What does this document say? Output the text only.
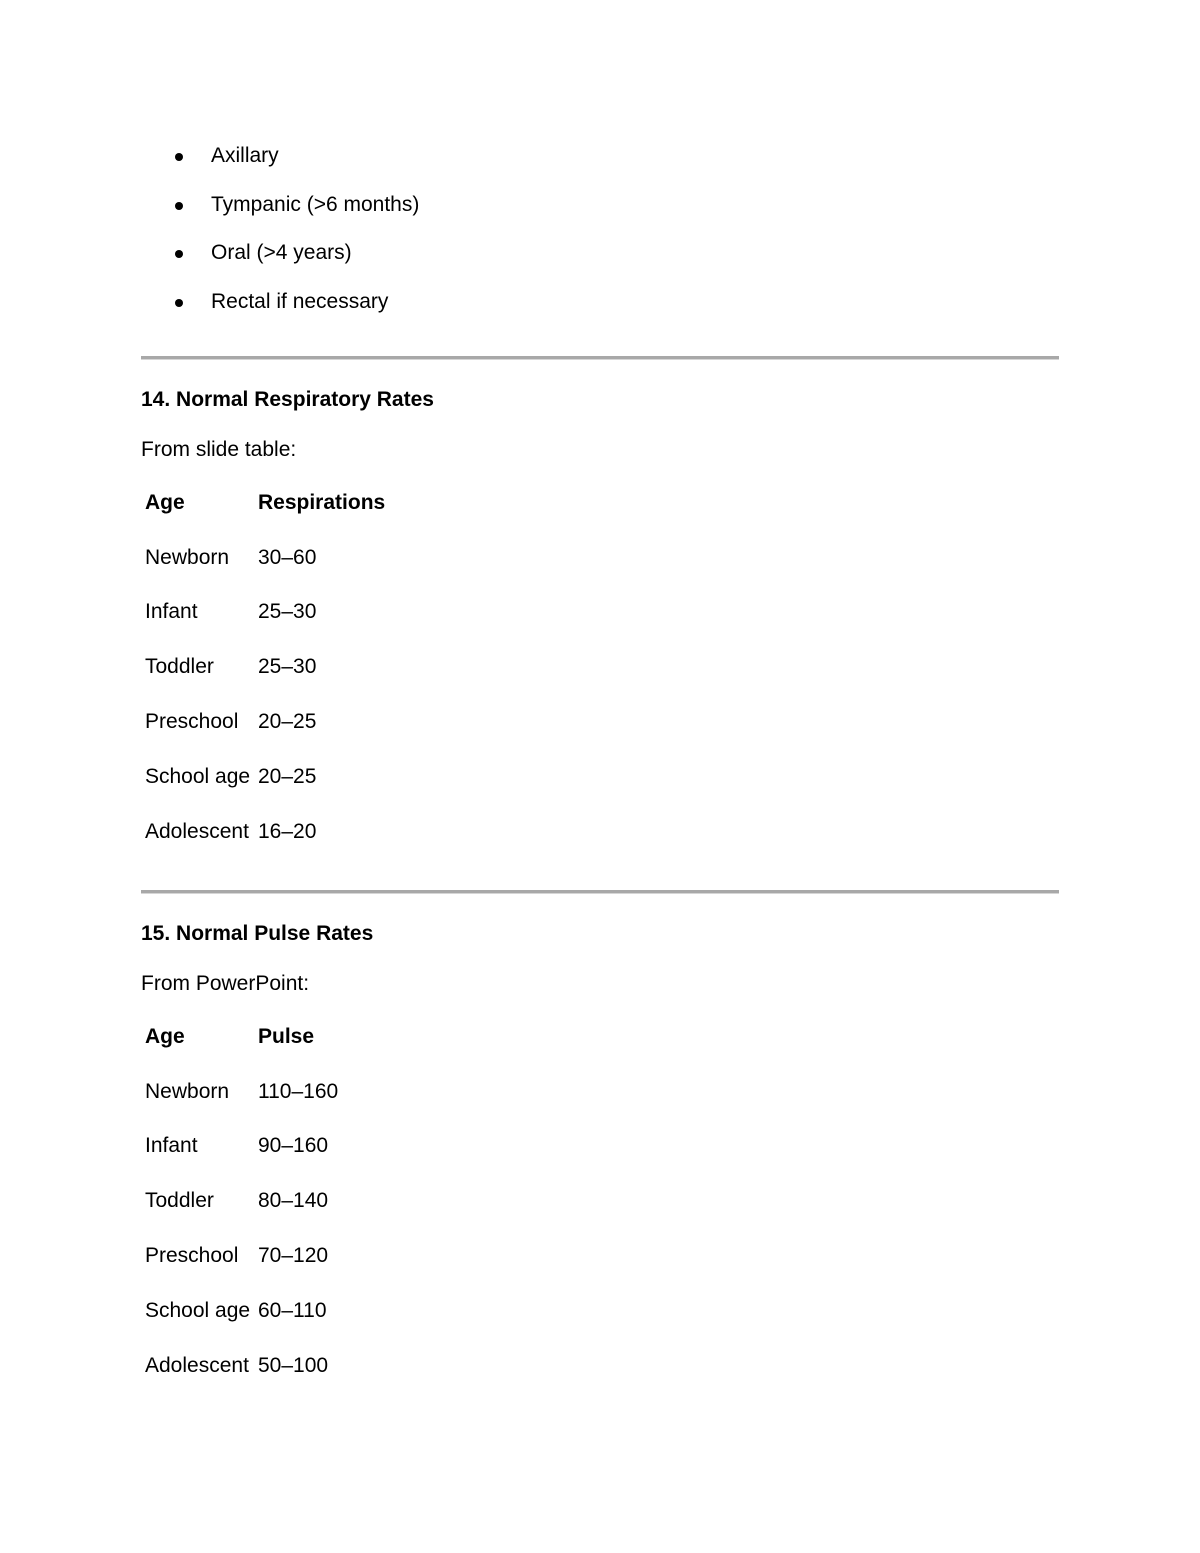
Axillary
Tympanic (>6 months)
Oral (>4 years)
Rectal if necessary
14. Normal Respiratory Rates
From slide table:
Age	Respirations
Newborn 30–60
Infant	25–30
Toddler 25–30
Preschool 20–25
School age 20–25
Adolescent 16–20
15. Normal Pulse Rates
From PowerPoint:
Age	Pulse
Newborn 110–160
Infant	90–160
Toddler 80–140
Preschool 70–120
School age 60–110
Adolescent 50–100
